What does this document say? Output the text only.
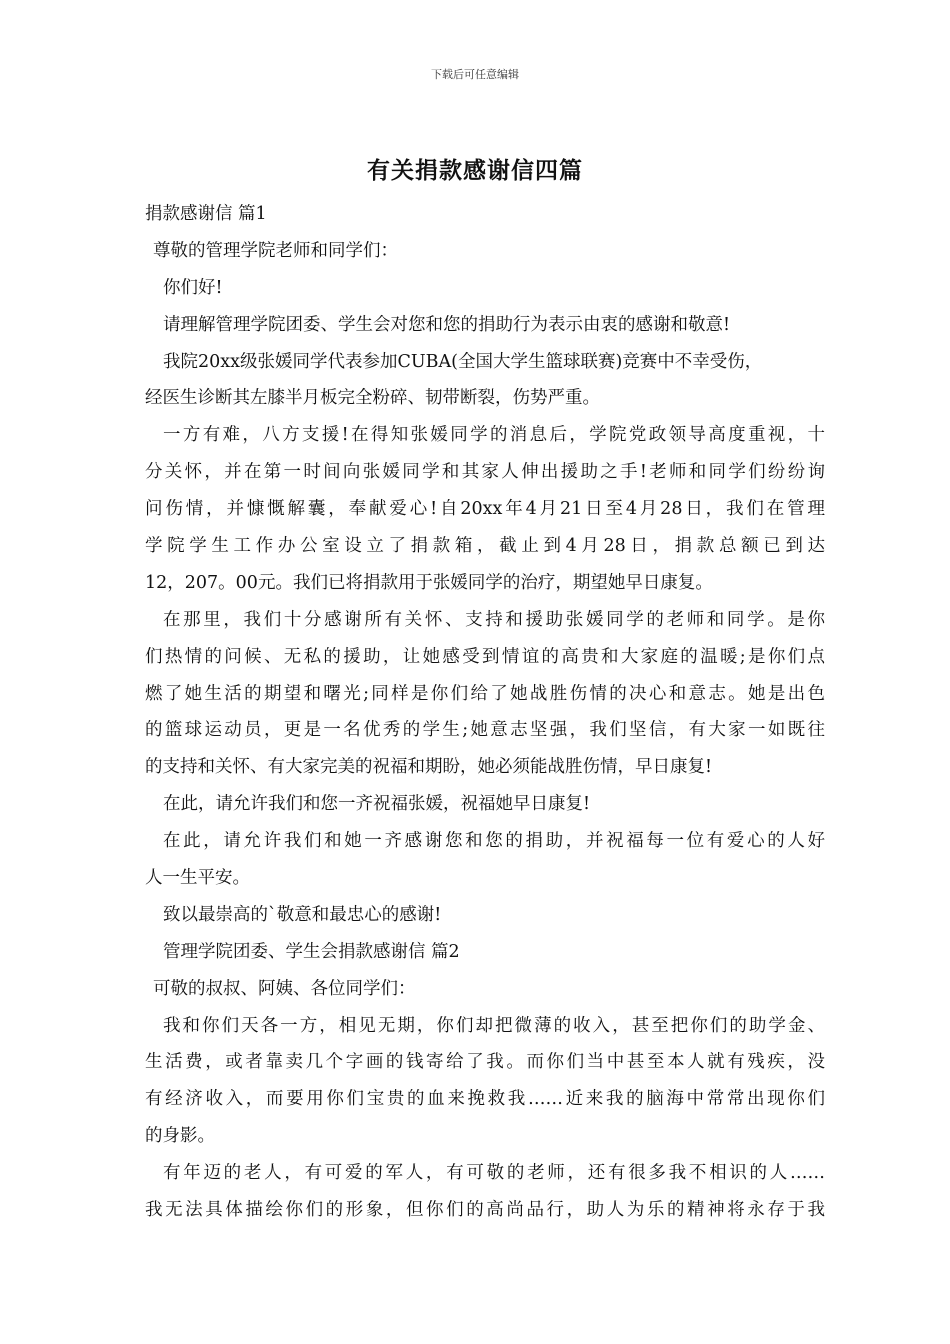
下载后可任意编辑
有关捐款感谢信四篇
捐款感谢信 篇1
尊敬的管理学院老师和同学们：
你们好!
请理解管理学院团委、学生会对您和您的捐助行为表示由衷的感谢和敬意!
我院20xx级张媛同学代表参加CUBA(全国大学生篮球联赛)竞赛中不幸受伤，
经医生诊断其左膝半月板完全粉碎、韧带断裂，伤势严重。
一方有难，八方支援!在得知张媛同学的消息后，学院党政领导高度重视，十
分关怀，并在第一时间向张媛同学和其家人伸出援助之手!老师和同学们纷纷询
问伤情，并慷慨解囊，奉献爱心!自20xx年4月21日至4月28日，我们在管理
学院学生工作办公室设立了捐款箱，截止到4月28日，捐款总额已到达
12，207。00元。我们已将捐款用于张媛同学的治疗，期望她早日康复。
在那里，我们十分感谢所有关怀、支持和援助张媛同学的老师和同学。是你
们热情的问候、无私的援助，让她感受到情谊的高贵和大家庭的温暖;是你们点
燃了她生活的期望和曙光;同样是你们给了她战胜伤情的决心和意志。她是出色
的篮球运动员，更是一名优秀的学生;她意志坚强，我们坚信，有大家一如既往
的支持和关怀、有大家完美的祝福和期盼，她必须能战胜伤情，早日康复!
在此，请允许我们和您一齐祝福张媛，祝福她早日康复!
在此，请允许我们和她一齐感谢您和您的捐助，并祝福每一位有爱心的人好
人一生平安。
致以最崇高的`敬意和最忠心的感谢!
管理学院团委、学生会捐款感谢信 篇2
可敬的叔叔、阿姨、各位同学们：
我和你们天各一方，相见无期，你们却把微薄的收入，甚至把你们的助学金、
生活费，或者靠卖几个字画的钱寄给了我。而你们当中甚至本人就有残疾，没
有经济收入，而要用你们宝贵的血来挽救我……近来我的脑海中常常出现你们
的身影。
有年迈的老人，有可爱的军人，有可敬的老师，还有很多我不相识的人……
我无法具体描绘你们的形象，但你们的高尚品行，助人为乐的精神将永存于我
